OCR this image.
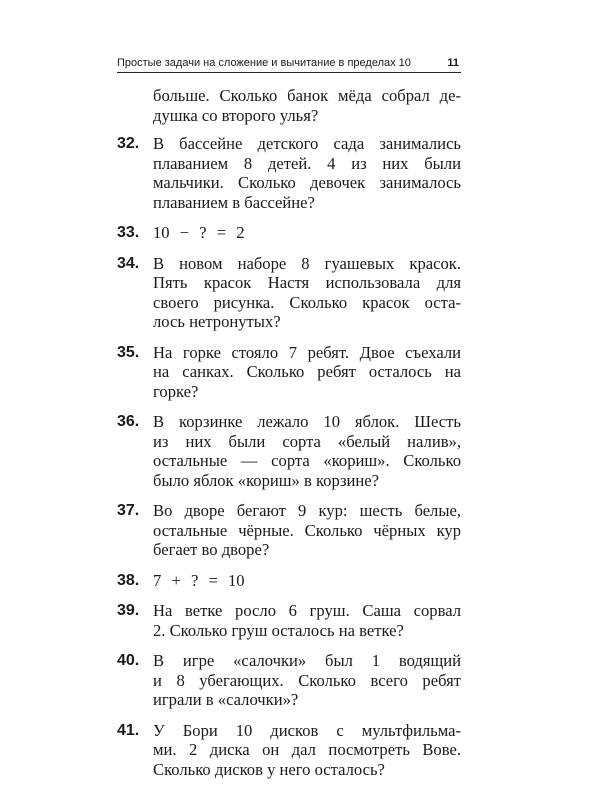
Простые задачи на сложение и вычитание в пределах 10	11
больше. Сколько банок мёда собрал де-
душка со второго улья?
32. В бассейне детского сада занимались
плаванием 8 детей. 4 из них были
мальчики. Сколько девочек занималось
плаванием в бассейне?
33. 10 − ? = 2
34. В новом наборе 8 гуашевых красок.
Пять красок Настя использовала для
своего рисунка. Сколько красок оста-
лось нетронутых?
35. На горке стояло 7 ребят. Двое съехали
на санках. Сколько ребят осталось на
горке?
36. В корзинке лежало 10 яблок. Шесть
из них были сорта «белый налив»,
остальные — сорта «кориш». Сколько
было яблок «кориш» в корзине?
37. Во дворе бегают 9 кур: шесть белые,
остальные чёрные. Сколько чёрных кур
бегает во дворе?
38. 7 + ? = 10
39. На ветке росло 6 груш. Саша сорвал
2. Сколько груш осталось на ветке?
40. В игре «салочки» был 1 водящий
и 8 убегающих. Сколько всего ребят
играли в «салочки»?
41. У Бори 10 дисков с мультфильма-
ми. 2 диска он дал посмотреть Вове.
Сколько дисков у него осталось?
